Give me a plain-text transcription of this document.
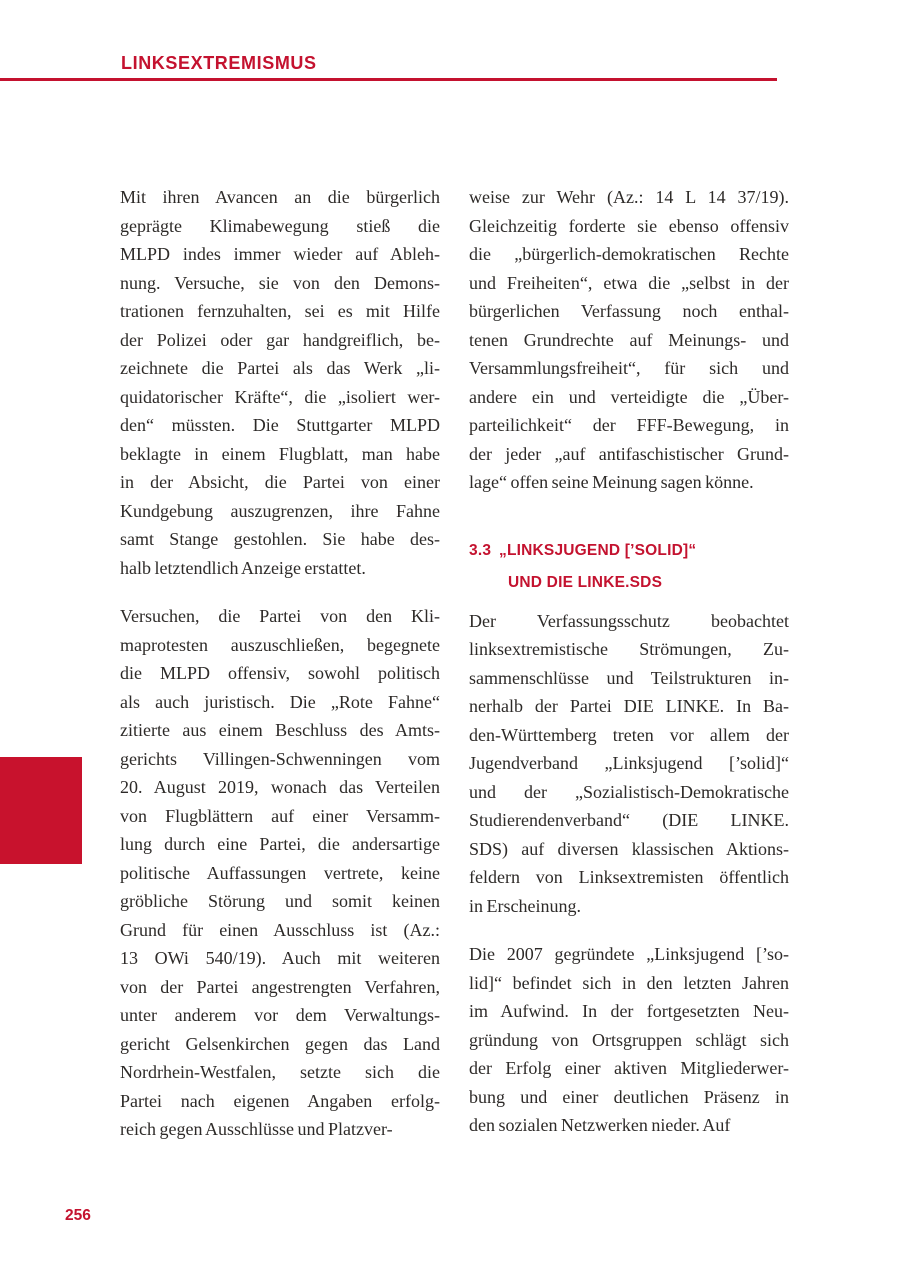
LINKSEXTREMISMUS
Mit ihren Avancen an die bürgerlich
geprägte Klimabewegung stieß die
MLPD indes immer wieder auf Ableh-
nung. Versuche, sie von den Demons-
trationen fernzuhalten, sei es mit Hilfe
der Polizei oder gar handgreiflich, be-
zeichnete die Partei als das Werk „li-
quidatorischer Kräfte“, die „isoliert wer-
den“ müssten. Die Stuttgarter MLPD
beklagte in einem Flugblatt, man habe
in der Absicht, die Partei von einer
Kundgebung auszugrenzen, ihre Fahne
samt Stange gestohlen. Sie habe des-
halb letztendlich Anzeige erstattet.
Versuchen, die Partei von den Kli-
maprotesten auszuschließen, begegnete
die MLPD offensiv, sowohl politisch
als auch juristisch. Die „Rote Fahne“
zitierte aus einem Beschluss des Amts-
gerichts Villingen-Schwenningen vom
20. August 2019, wonach das Verteilen
von Flugblättern auf einer Versamm-
lung durch eine Partei, die andersartige
politische Auffassungen vertrete, keine
gröbliche Störung und somit keinen
Grund für einen Ausschluss ist (Az.:
13 OWi 540/19). Auch mit weiteren
von der Partei angestrengten Verfahren,
unter anderem vor dem Verwaltungs-
gericht Gelsenkirchen gegen das Land
Nordrhein-Westfalen, setzte sich die
Partei nach eigenen Angaben erfolg-
reich gegen Ausschlüsse und Platzver-
weise zur Wehr (Az.: 14 L 14 37/19).
Gleichzeitig forderte sie ebenso offensiv
die „bürgerlich-demokratischen Rechte
und Freiheiten“, etwa die „selbst in der
bürgerlichen Verfassung noch enthal-
tenen Grundrechte auf Meinungs- und
Versammlungsfreiheit“, für sich und
andere ein und verteidigte die „Über-
parteilichkeit“ der FFF-Bewegung, in
der jeder „auf antifaschistischer Grund-
lage“ offen seine Meinung sagen könne.
3.3 „LINKSJUGEND [’SOLID]“
UND DIE LINKE.SDS
Der Verfassungsschutz beobachtet
linksextremistische Strömungen, Zu-
sammenschlüsse und Teilstrukturen in-
nerhalb der Partei DIE LINKE. In Ba-
den-Württemberg treten vor allem der
Jugendverband „Linksjugend [’solid]“
und der „Sozialistisch-Demokratische
Studierendenverband“ (DIE LINKE.
SDS) auf diversen klassischen Aktions-
feldern von Linksextremisten öffentlich
in Erscheinung.
Die 2007 gegründete „Linksjugend [’so-
lid]“ befindet sich in den letzten Jahren
im Aufwind. In der fortgesetzten Neu-
gründung von Ortsgruppen schlägt sich
der Erfolg einer aktiven Mitgliederwer-
bung und einer deutlichen Präsenz in
den sozialen Netzwerken nieder. Auf
256
